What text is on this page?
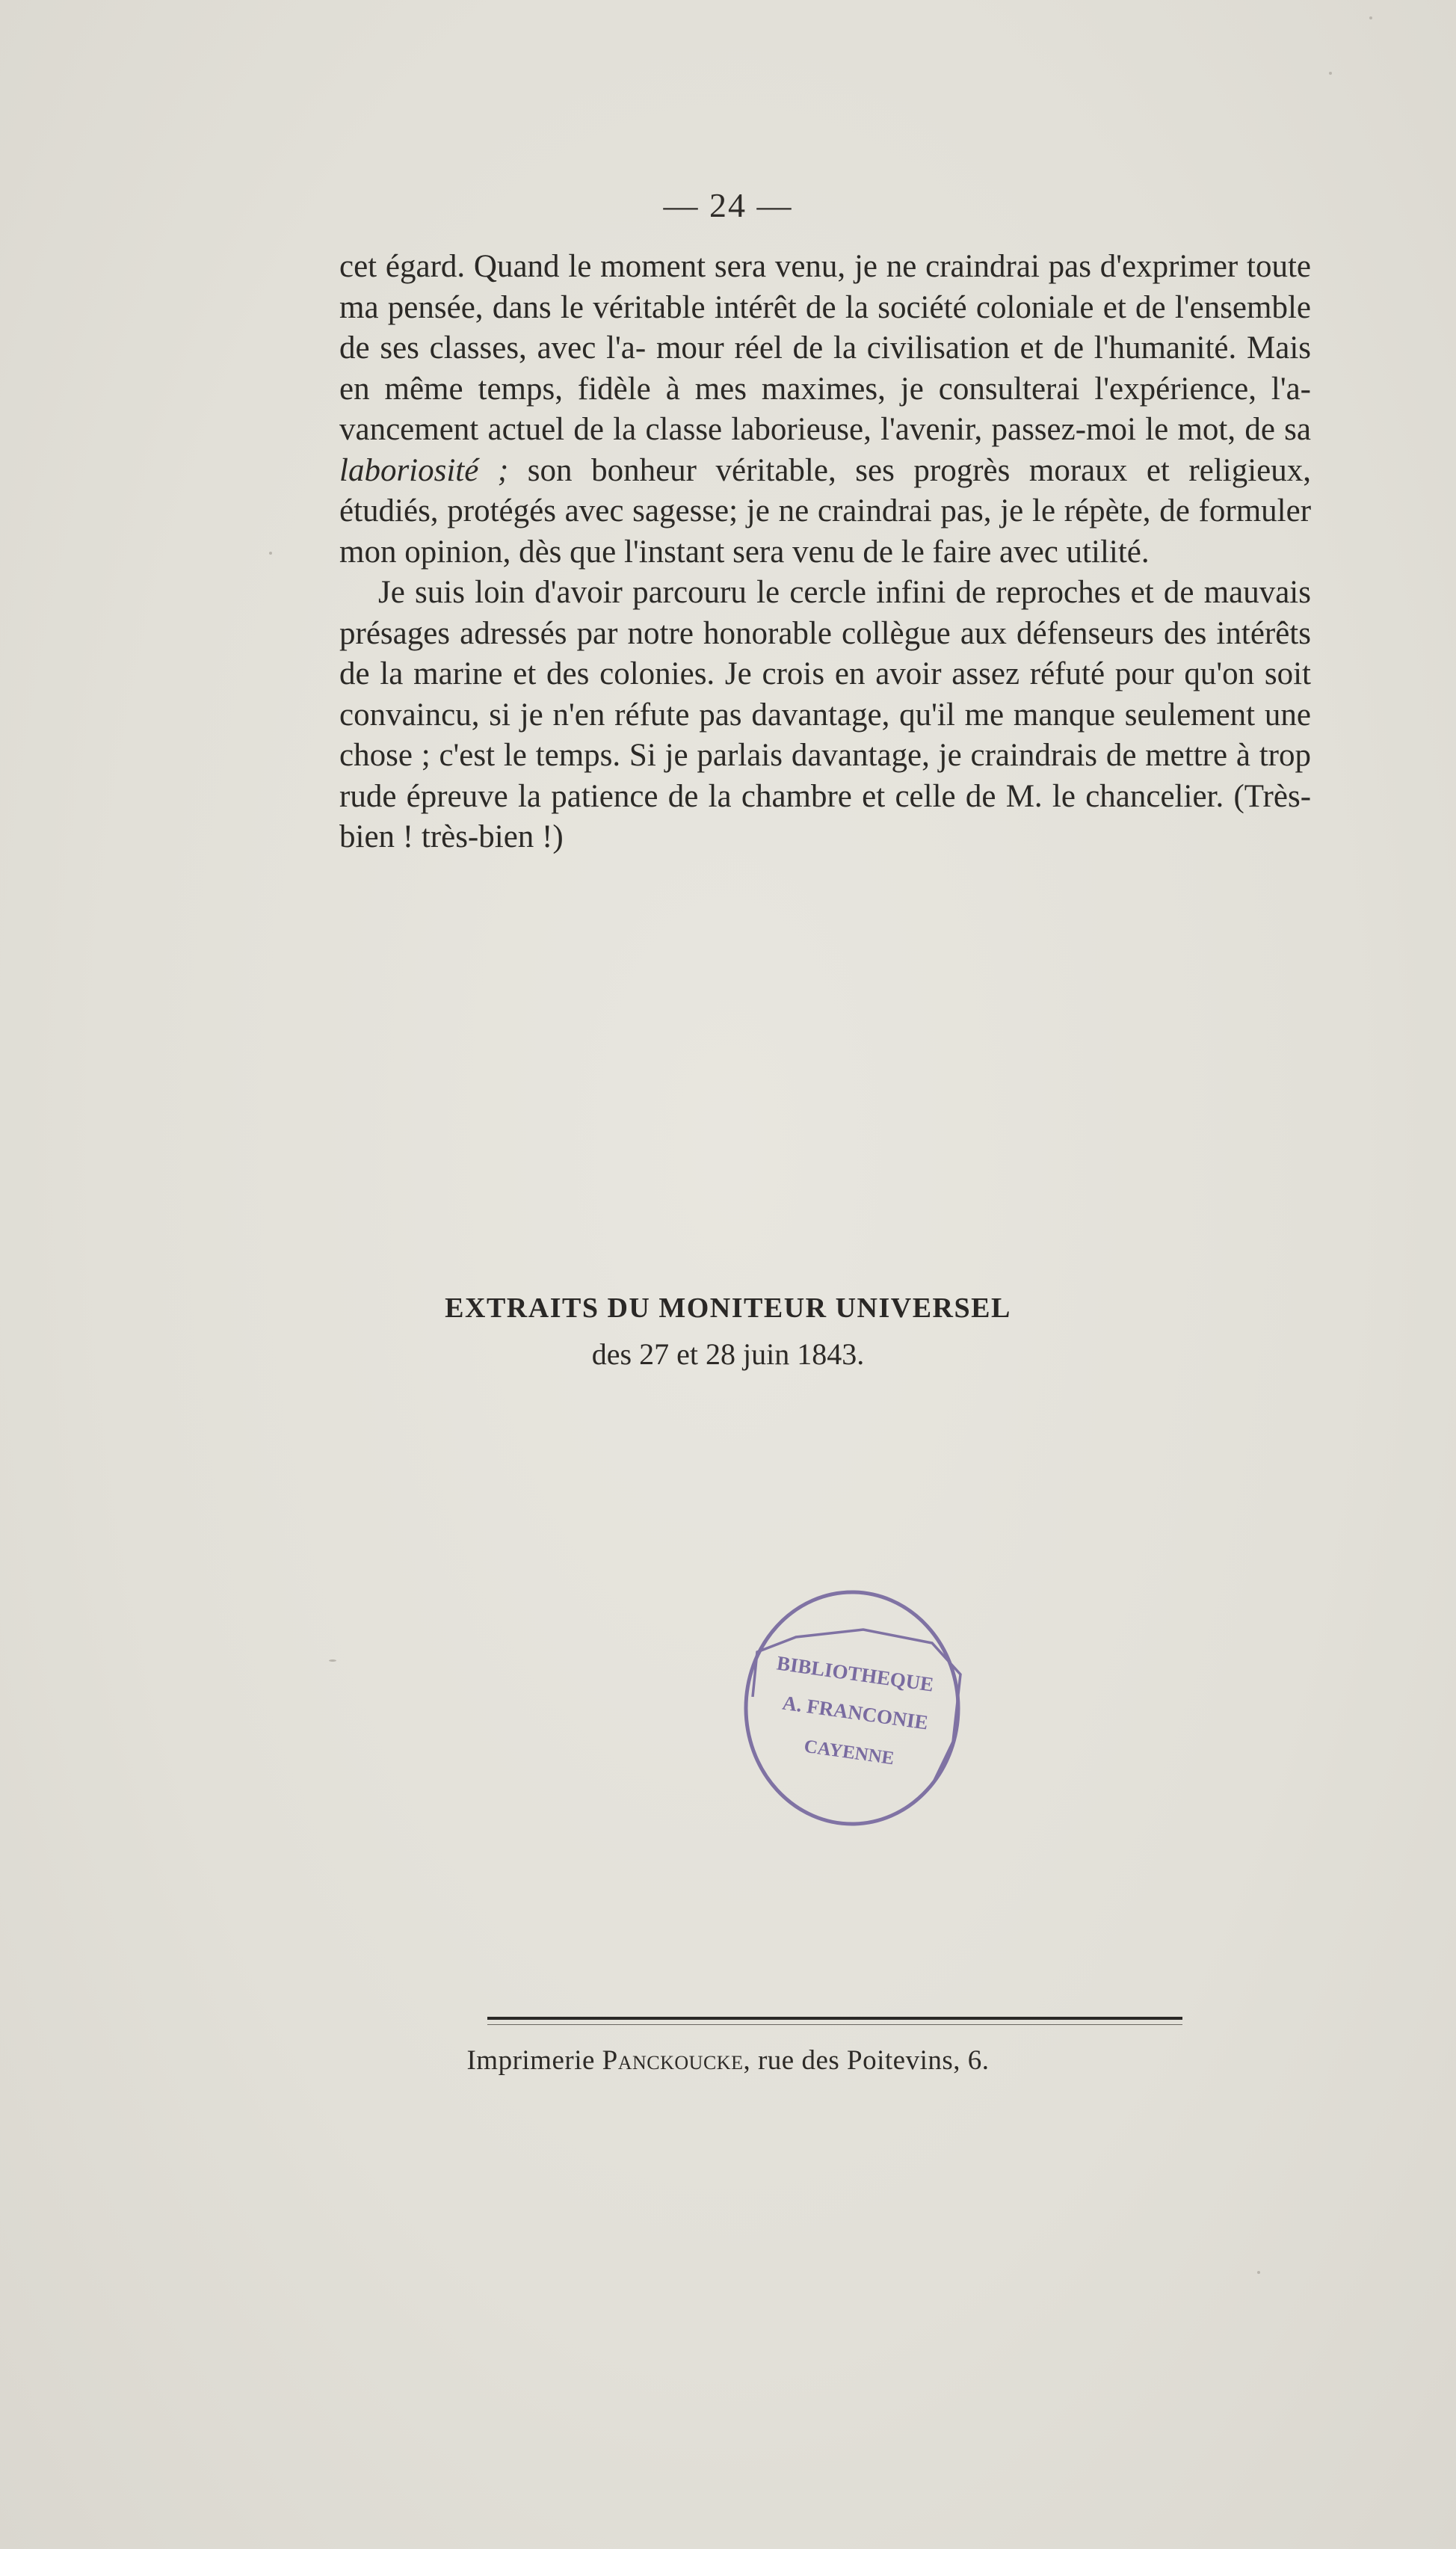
— 24 —

cet égard. Quand le moment sera venu, je ne craindrai pas d'exprimer toute ma pensée, dans le véritable intérêt de la société coloniale et de l'ensemble de ses classes, avec l'a- mour réel de la civilisation et de l'humanité. Mais en même temps, fidèle à mes maximes, je consulterai l'expérience, l'a- vancement actuel de la classe laborieuse, l'avenir, passez-moi le mot, de sa laboriosité ; son bonheur véritable, ses progrès moraux et religieux, étudiés, protégés avec sagesse; je ne craindrai pas, je le répète, de formuler mon opinion, dès que l'instant sera venu de le faire avec utilité.

Je suis loin d'avoir parcouru le cercle infini de reproches et de mauvais présages adressés par notre honorable collègue aux défenseurs des intérêts de la marine et des colonies. Je crois en avoir assez réfuté pour qu'on soit convaincu, si je n'en réfute pas davantage, qu'il me manque seulement une chose ; c'est le temps. Si je parlais davantage, je craindrais de mettre à trop rude épreuve la patience de la chambre et celle de M. le chancelier. (Très-bien ! très-bien !)

EXTRAITS DU MONITEUR UNIVERSEL
des 27 et 28 juin 1843.
BIBLIOTHEQUE
A. FRANCONIE
CAYENNE
Imprimerie Panckoucke, rue des Poitevins, 6.
